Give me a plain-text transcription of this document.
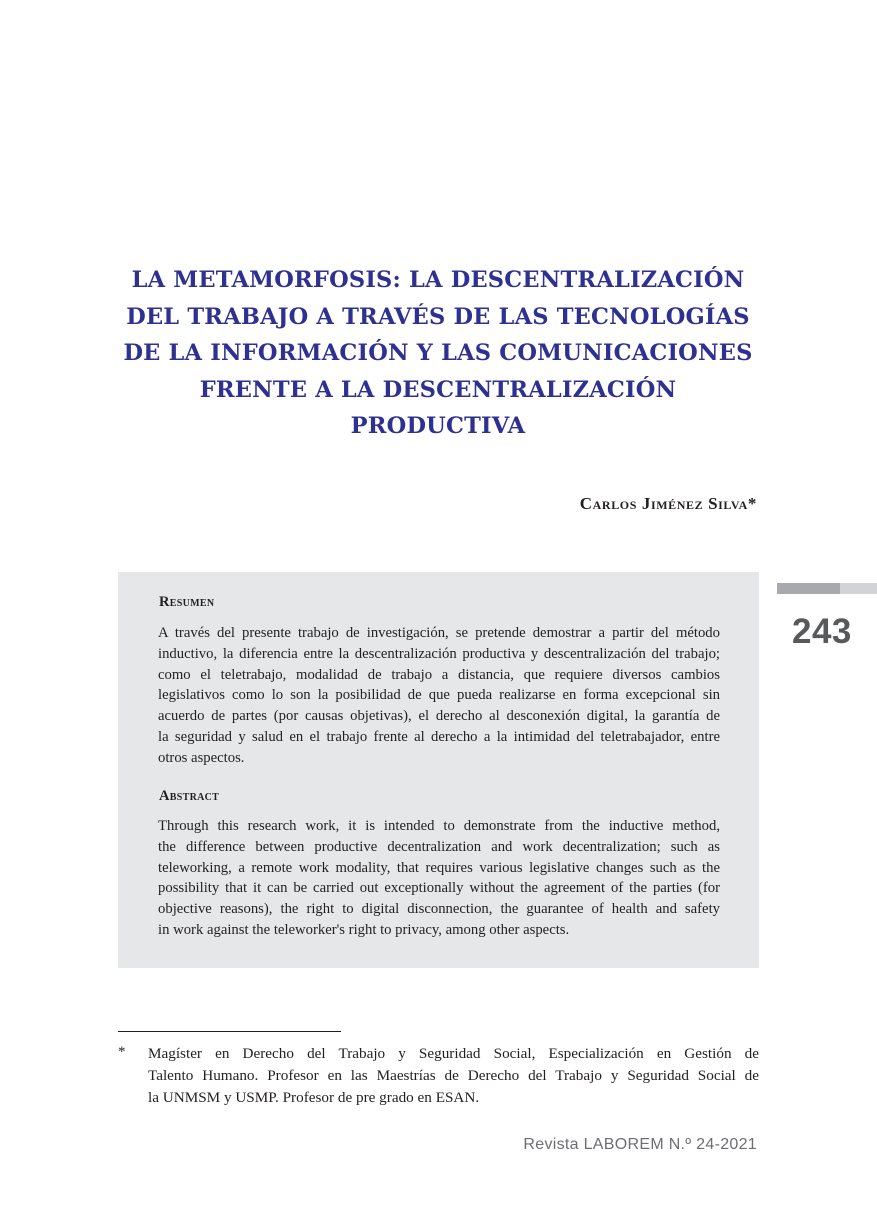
LA METAMORFOSIS: LA DESCENTRALIZACIÓN
DEL TRABAJO A TRAVÉS DE LAS TECNOLOGÍAS
DE LA INFORMACIÓN Y LAS COMUNICACIONES
FRENTE A LA DESCENTRALIZACIÓN
PRODUCTIVA
Carlos Jiménez Silva*
Resumen
A través del presente trabajo de investigación, se pretende demostrar a partir del método
inductivo, la diferencia entre la descentralización productiva y descentralización del trabajo;
como el teletrabajo, modalidad de trabajo a distancia, que requiere diversos cambios
legislativos como lo son la posibilidad de que pueda realizarse en forma excepcional sin
acuerdo de partes (por causas objetivas), el derecho al desconexión digital, la garantía de
la seguridad y salud en el trabajo frente al derecho a la intimidad del teletrabajador, entre
otros aspectos.
Abstract
Through this research work, it is intended to demonstrate from the inductive method,
the difference between productive decentralization and work decentralization; such as
teleworking, a remote work modality, that requires various legislative changes such as the
possibility that it can be carried out exceptionally without the agreement of the parties (for
objective reasons), the right to digital disconnection, the guarantee of health and safety
in work against the teleworker's right to privacy, among other aspects.
243
* Magíster en Derecho del Trabajo y Seguridad Social, Especialización en Gestión de
Talento Humano. Profesor en las Maestrías de Derecho del Trabajo y Seguridad Social de
la UNMSM y USMP. Profesor de pre grado en ESAN.
Revista LABOREM N.º 24-2021
